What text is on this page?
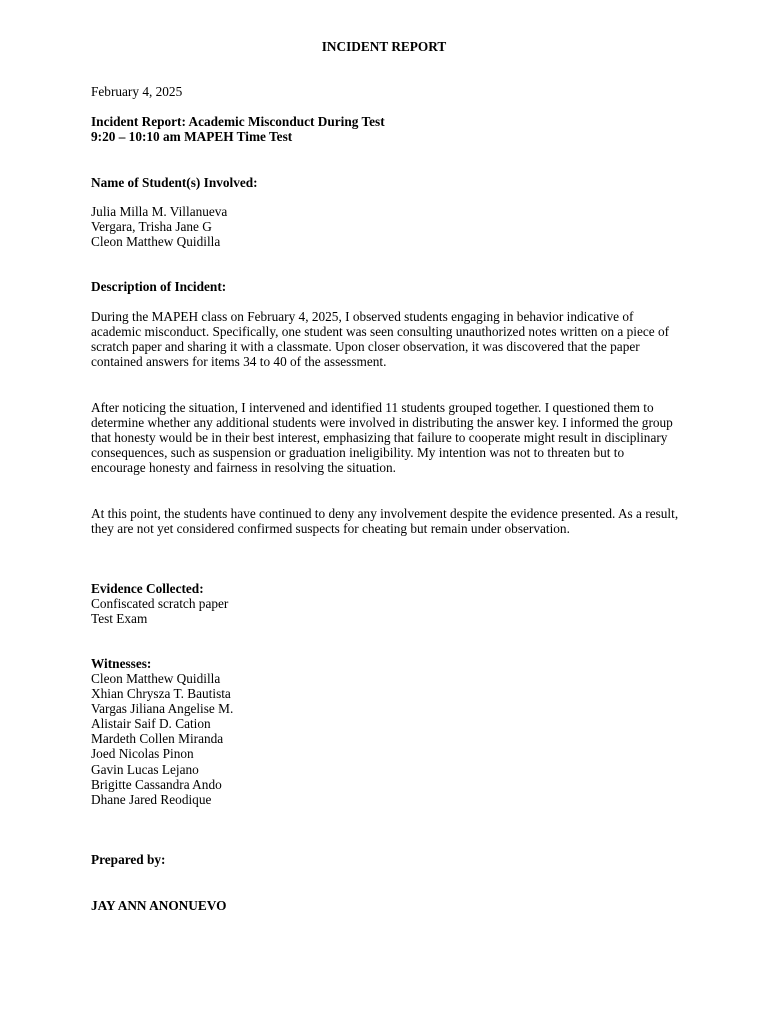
INCIDENT REPORT
February 4, 2025
Incident Report: Academic Misconduct During Test
9:20 – 10:10 am MAPEH Time Test
Name of Student(s) Involved:
Julia Milla M. Villanueva
Vergara, Trisha Jane G
Cleon Matthew Quidilla
Description of Incident:

During the MAPEH class on February 4, 2025, I observed students engaging in behavior indicative of academic misconduct. Specifically, one student was seen consulting unauthorized notes written on a piece of scratch paper and sharing it with a classmate. Upon closer observation, it was discovered that the paper contained answers for items 34 to 40 of the assessment.

After noticing the situation, I intervened and identified 11 students grouped together. I questioned them to determine whether any additional students were involved in distributing the answer key. I informed the group that honesty would be in their best interest, emphasizing that failure to cooperate might result in disciplinary consequences, such as suspension or graduation ineligibility. My intention was not to threaten but to encourage honesty and fairness in resolving the situation.

At this point, the students have continued to deny any involvement despite the evidence presented. As a result, they are not yet considered confirmed suspects for cheating but remain under observation.

Evidence Collected:
Confiscated scratch paper
Test Exam
Witnesses:
Cleon Matthew Quidilla
Xhian Chrysza T. Bautista
Vargas Jiliana Angelise M.
Alistair Saif D. Cation
Mardeth Collen Miranda
Joed Nicolas Pinon
Gavin Lucas Lejano
Brigitte Cassandra Ando
Dhane Jared Reodique
Prepared by:
JAY ANN ANONUEVO
